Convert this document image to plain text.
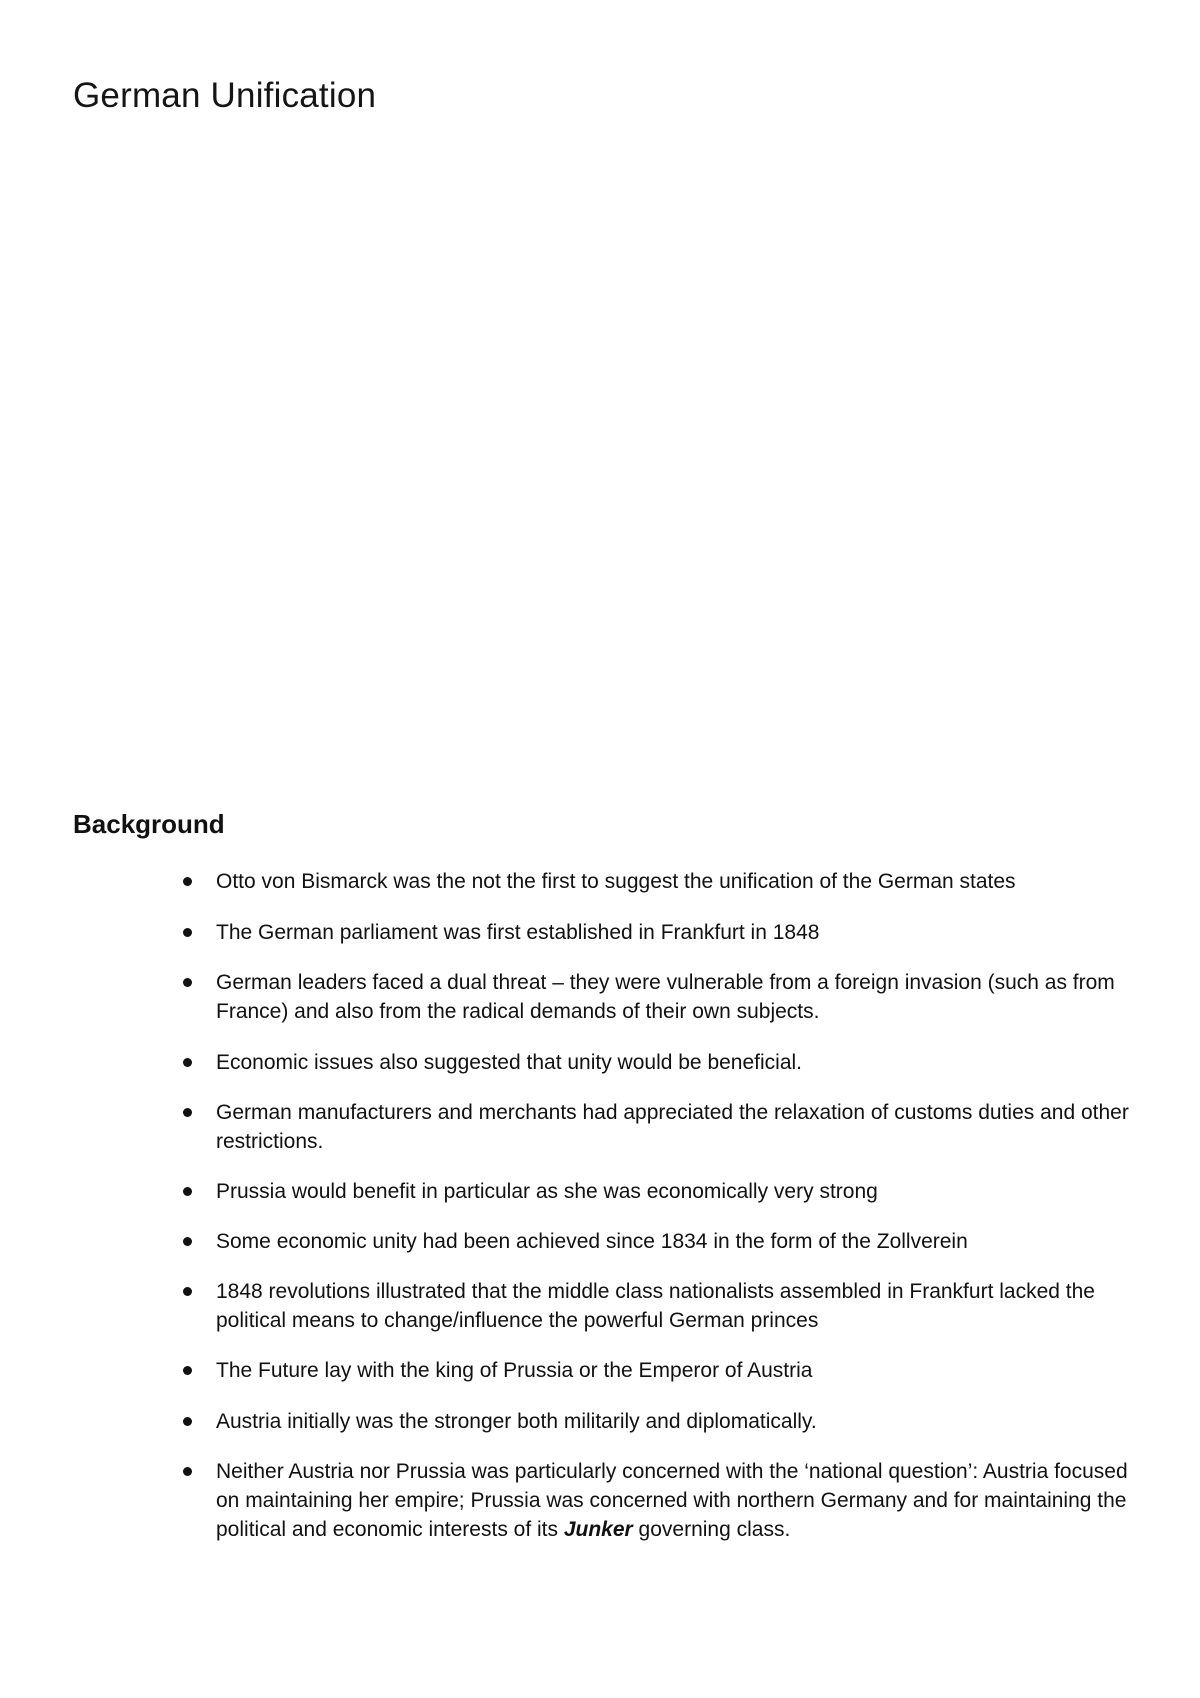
German Unification
Background

Otto von Bismarck was the not the first to suggest the unification of the German states

The German parliament was first established in Frankfurt in 1848

German leaders faced a dual threat – they were vulnerable from a foreign invasion (such as from France) and also from the radical demands of their own subjects.

Economic issues also suggested that unity would be beneficial.

German manufacturers and merchants had appreciated the relaxation of customs duties and other restrictions.

Prussia would benefit in particular as she was economically very strong

Some economic unity had been achieved since 1834 in the form of the Zollverein

1848 revolutions illustrated that the middle class nationalists assembled in Frankfurt lacked the political means to change/influence the powerful German princes

The Future lay with the king of Prussia or the Emperor of Austria

Austria initially was the stronger both militarily and diplomatically.

Neither Austria nor Prussia was particularly concerned with the ‘national question’: Austria focused on maintaining her empire; Prussia was concerned with northern Germany and for maintaining the political and economic interests of its Junker governing class.
